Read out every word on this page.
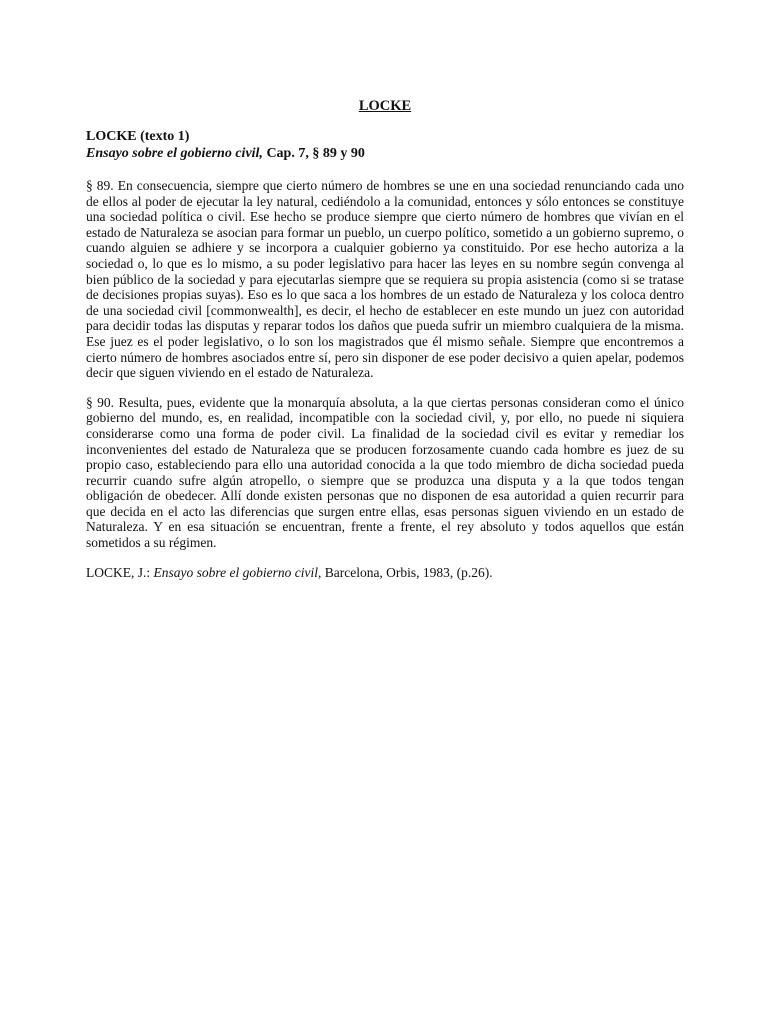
LOCKE

LOCKE (texto 1)

Ensayo sobre el gobierno civil, Cap. 7, § 89 y 90

§ 89. En consecuencia, siempre que cierto número de hombres se une en una sociedad renunciando cada uno de ellos al poder de ejecutar la ley natural, cediéndolo a la comunidad, entonces y sólo entonces se constituye una sociedad política o civil. Ese hecho se produce siempre que cierto número de hombres que vivían en el estado de Naturaleza se asocian para formar un pueblo, un cuerpo político, sometido a un gobierno supremo, o cuando alguien se adhiere y se incorpora a cualquier gobierno ya constituido. Por ese hecho autoriza a la sociedad o, lo que es lo mismo, a su poder legislativo para hacer las leyes en su nombre según convenga al bien público de la sociedad y para ejecutarlas siempre que se requiera su propia asistencia (como si se tratase de decisiones propias suyas). Eso es lo que saca a los hombres de un estado de Naturaleza y los coloca dentro de una sociedad civil [commonwealth], es decir, el hecho de establecer en este mundo un juez con autoridad para decidir todas las disputas y reparar todos los daños que pueda sufrir un miembro cualquiera de la misma. Ese juez es el poder legislativo, o lo son los magistrados que él mismo señale. Siempre que encontremos a cierto número de hombres asociados entre sí, pero sin disponer de ese poder decisivo a quien apelar, podemos decir que siguen viviendo en el estado de Naturaleza.

§ 90. Resulta, pues, evidente que la monarquía absoluta, a la que ciertas personas consideran como el único gobierno del mundo, es, en realidad, incompatible con la sociedad civil, y, por ello, no puede ni siquiera considerarse como una forma de poder civil. La finalidad de la sociedad civil es evitar y remediar los inconvenientes del estado de Naturaleza que se producen forzosamente cuando cada hombre es juez de su propio caso, estableciendo para ello una autoridad conocida a la que todo miembro de dicha sociedad pueda recurrir cuando sufre algún atropello, o siempre que se produzca una disputa y a la que todos tengan obligación de obedecer. Allí donde existen personas que no disponen de esa autoridad a quien recurrir para que decida en el acto las diferencias que surgen entre ellas, esas personas siguen viviendo en un estado de Naturaleza. Y en esa situación se encuentran, frente a frente, el rey absoluto y todos aquellos que están sometidos a su régimen.

LOCKE, J.: Ensayo sobre el gobierno civil, Barcelona, Orbis, 1983, (p.26).
